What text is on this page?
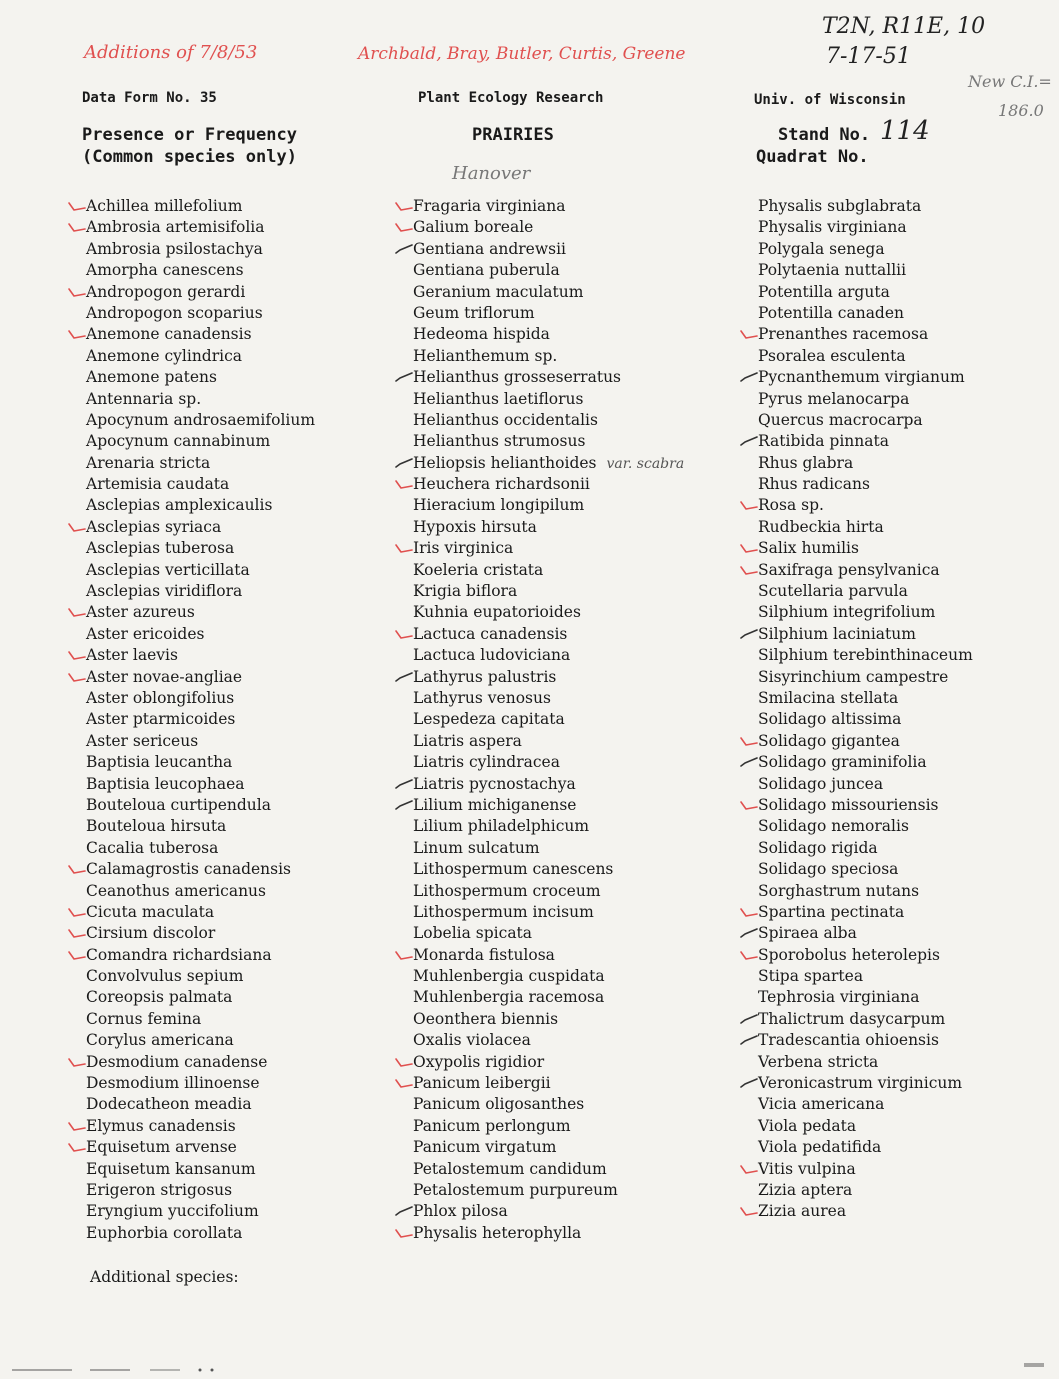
Additions of 7/8/53	Archbald, Bray, Butler, Curtis, Greene
T2N, R11E, 10
7-17-51
New C.I.=
186.0
Hanover
Data Form No. 35	Plant Ecology Research	Univ. of Wisconsin
Presence or Frequency
(Common species only)
PRAIRIES	Stand No. 114
Quadrat No.
Achillea millefolium
Ambrosia artemisifolia
Ambrosia psilostachya
Amorpha canescens
Andropogon gerardi
Andropogon scoparius
Anemone canadensis
Anemone cylindrica
Anemone patens
Antennaria sp.
Apocynum androsaemifolium
Apocynum cannabinum
Arenaria stricta
Artemisia caudata
Asclepias amplexicaulis
Asclepias syriaca
Asclepias tuberosa
Asclepias verticillata
Asclepias viridiflora
Aster azureus
Aster ericoides
Aster laevis
Aster novae-angliae
Aster oblongifolius
Aster ptarmicoides
Aster sericeus
Baptisia leucantha
Baptisia leucophaea
Bouteloua curtipendula
Bouteloua hirsuta
Cacalia tuberosa
Calamagrostis canadensis
Ceanothus americanus
Cicuta maculata
Cirsium discolor
Comandra richardsiana
Convolvulus sepium
Coreopsis palmata
Cornus femina
Corylus americana
Desmodium canadense
Desmodium illinoense
Dodecatheon meadia
Elymus canadensis
Equisetum arvense
Equisetum kansanum
Erigeron strigosus
Eryngium yuccifolium
Euphorbia corollata
Fragaria virginiana
Galium boreale
Gentiana andrewsii
Gentiana puberula
Geranium maculatum
Geum triflorum
Hedeoma hispida
Helianthemum sp.
Helianthus grosseserratus
Helianthus laetiflorus
Helianthus occidentalis
Helianthus strumosus
Heliopsis helianthoides var. scabra
Heuchera richardsonii
Hieracium longipilum
Hypoxis hirsuta
Iris virginica
Koeleria cristata
Krigia biflora
Kuhnia eupatorioides
Lactuca canadensis
Lactuca ludoviciana
Lathyrus palustris
Lathyrus venosus
Lespedeza capitata
Liatris aspera
Liatris cylindracea
Liatris pycnostachya
Lilium michiganense
Lilium philadelphicum
Linum sulcatum
Lithospermum canescens
Lithospermum croceum
Lithospermum incisum
Lobelia spicata
Monarda fistulosa
Muhlenbergia cuspidata
Muhlenbergia racemosa
Oeonthera biennis
Oxalis violacea
Oxypolis rigidior
Panicum leibergii
Panicum oligosanthes
Panicum perlongum
Panicum virgatum
Petalostemum candidum
Petalostemum purpureum
Phlox pilosa
Physalis heterophylla
Physalis subglabrata
Physalis virginiana
Polygala senega
Polytaenia nuttallii
Potentilla arguta
Potentilla canaden
Prenanthes racemosa
Psoralea esculenta
Pycnanthemum virgianum
Pyrus melanocarpa
Quercus macrocarpa
Ratibida pinnata
Rhus glabra
Rhus radicans
Rosa sp.
Rudbeckia hirta
Salix humilis
Saxifraga pensylvanica
Scutellaria parvula
Silphium integrifolium
Silphium laciniatum
Silphium terebinthinaceum
Sisyrinchium campestre
Smilacina stellata
Solidago altissima
Solidago gigantea
Solidago graminifolia
Solidago juncea
Solidago missouriensis
Solidago nemoralis
Solidago rigida
Solidago speciosa
Sorghastrum nutans
Spartina pectinata
Spiraea alba
Sporobolus heterolepis
Stipa spartea
Tephrosia virginiana
Thalictrum dasycarpum
Tradescantia ohioensis
Verbena stricta
Veronicastrum virginicum
Vicia americana
Viola pedata
Viola pedatifida
Vitis vulpina
Zizia aptera
Zizia aurea
Additional species:
